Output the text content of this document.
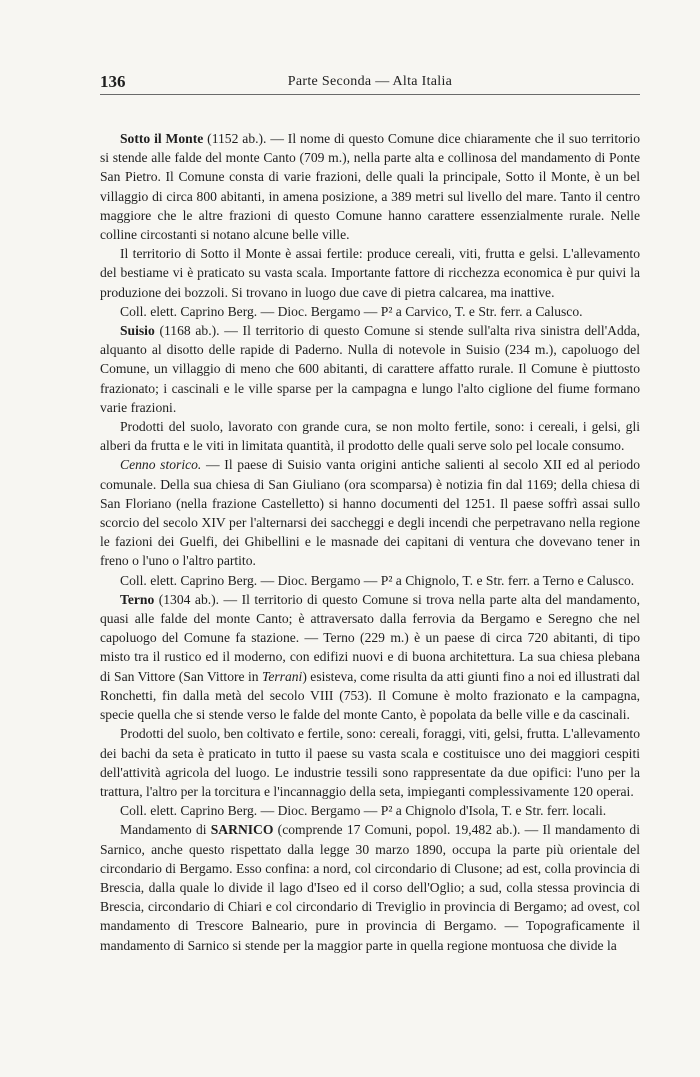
136	Parte Seconda — Alta Italia

Sotto il Monte (1152 ab.). — Il nome di questo Comune dice chiaramente che il suo territorio si stende alle falde del monte Canto (709 m.), nella parte alta e collinosa del mandamento di Ponte San Pietro. Il Comune consta di varie frazioni, delle quali la principale, Sotto il Monte, è un bel villaggio di circa 800 abitanti, in amena posizione, a 389 metri sul livello del mare. Tanto il centro maggiore che le altre frazioni di questo Comune hanno carattere essenzialmente rurale. Nelle colline circostanti si notano alcune belle ville.

Il territorio di Sotto il Monte è assai fertile: produce cereali, viti, frutta e gelsi. L'allevamento del bestiame vi è praticato su vasta scala. Importante fattore di ricchezza economica è pur quivi la produzione dei bozzoli. Si trovano in luogo due cave di pietra calcarea, ma inattive.

Coll. elett. Caprino Berg. — Dioc. Bergamo — P² a Carvico, T. e Str. ferr. a Calusco.

Suisio (1168 ab.). — Il territorio di questo Comune si stende sull'alta riva sinistra dell'Adda, alquanto al disotto delle rapide di Paderno. Nulla di notevole in Suisio (234 m.), capoluogo del Comune, un villaggio di meno che 600 abitanti, di carattere affatto rurale. Il Comune è piuttosto frazionato; i cascinali e le ville sparse per la campagna e lungo l'alto ciglione del fiume formano varie frazioni.

Prodotti del suolo, lavorato con grande cura, se non molto fertile, sono: i cereali, i gelsi, gli alberi da frutta e le viti in limitata quantità, il prodotto delle quali serve solo pel locale consumo.

Cenno storico. — Il paese di Suisio vanta origini antiche salienti al secolo XII ed al periodo comunale. Della sua chiesa di San Giuliano (ora scomparsa) è notizia fin dal 1169; della chiesa di San Floriano (nella frazione Castelletto) si hanno documenti del 1251. Il paese soffrì assai sullo scorcio del secolo XIV per l'alternarsi dei saccheggi e degli incendi che perpetravano nella regione le fazioni dei Guelfi, dei Ghibellini e le masnade dei capitani di ventura che dovevano tener in freno o l'uno o l'altro partito.

Coll. elett. Caprino Berg. — Dioc. Bergamo — P² a Chignolo, T. e Str. ferr. a Terno e Calusco.

Terno (1304 ab.). — Il territorio di questo Comune si trova nella parte alta del mandamento, quasi alle falde del monte Canto; è attraversato dalla ferrovia da Bergamo e Seregno che nel capoluogo del Comune fa stazione. — Terno (229 m.) è un paese di circa 720 abitanti, di tipo misto tra il rustico ed il moderno, con edifizi nuovi e di buona architettura. La sua chiesa plebana di San Vittore (San Vittore in Terrani) esisteva, come risulta da atti giunti fino a noi ed illustrati dal Ronchetti, fin dalla metà del secolo VIII (753). Il Comune è molto frazionato e la campagna, specie quella che si stende verso le falde del monte Canto, è popolata da belle ville e da cascinali.

Prodotti del suolo, ben coltivato e fertile, sono: cereali, foraggi, viti, gelsi, frutta. L'allevamento dei bachi da seta è praticato in tutto il paese su vasta scala e costituisce uno dei maggiori cespiti dell'attività agricola del luogo. Le industrie tessili sono rappresentate da due opifici: l'uno per la trattura, l'altro per la torcitura e l'incannaggio della seta, impieganti complessivamente 120 operai.

Coll. elett. Caprino Berg. — Dioc. Bergamo — P² a Chignolo d'Isola, T. e Str. ferr. locali.

Mandamento di SARNICO (comprende 17 Comuni, popol. 19,482 ab.). — Il mandamento di Sarnico, anche questo rispettato dalla legge 30 marzo 1890, occupa la parte più orientale del circondario di Bergamo. Esso confina: a nord, col circondario di Clusone; ad est, colla provincia di Brescia, dalla quale lo divide il lago d'Iseo ed il corso dell'Oglio; a sud, colla stessa provincia di Brescia, circondario di Chiari e col circondario di Treviglio in provincia di Bergamo; ad ovest, col mandamento di Trescore Balneario, pure in provincia di Bergamo. — Topograficamente il mandamento di Sarnico si stende per la maggior parte in quella regione montuosa che divide la
